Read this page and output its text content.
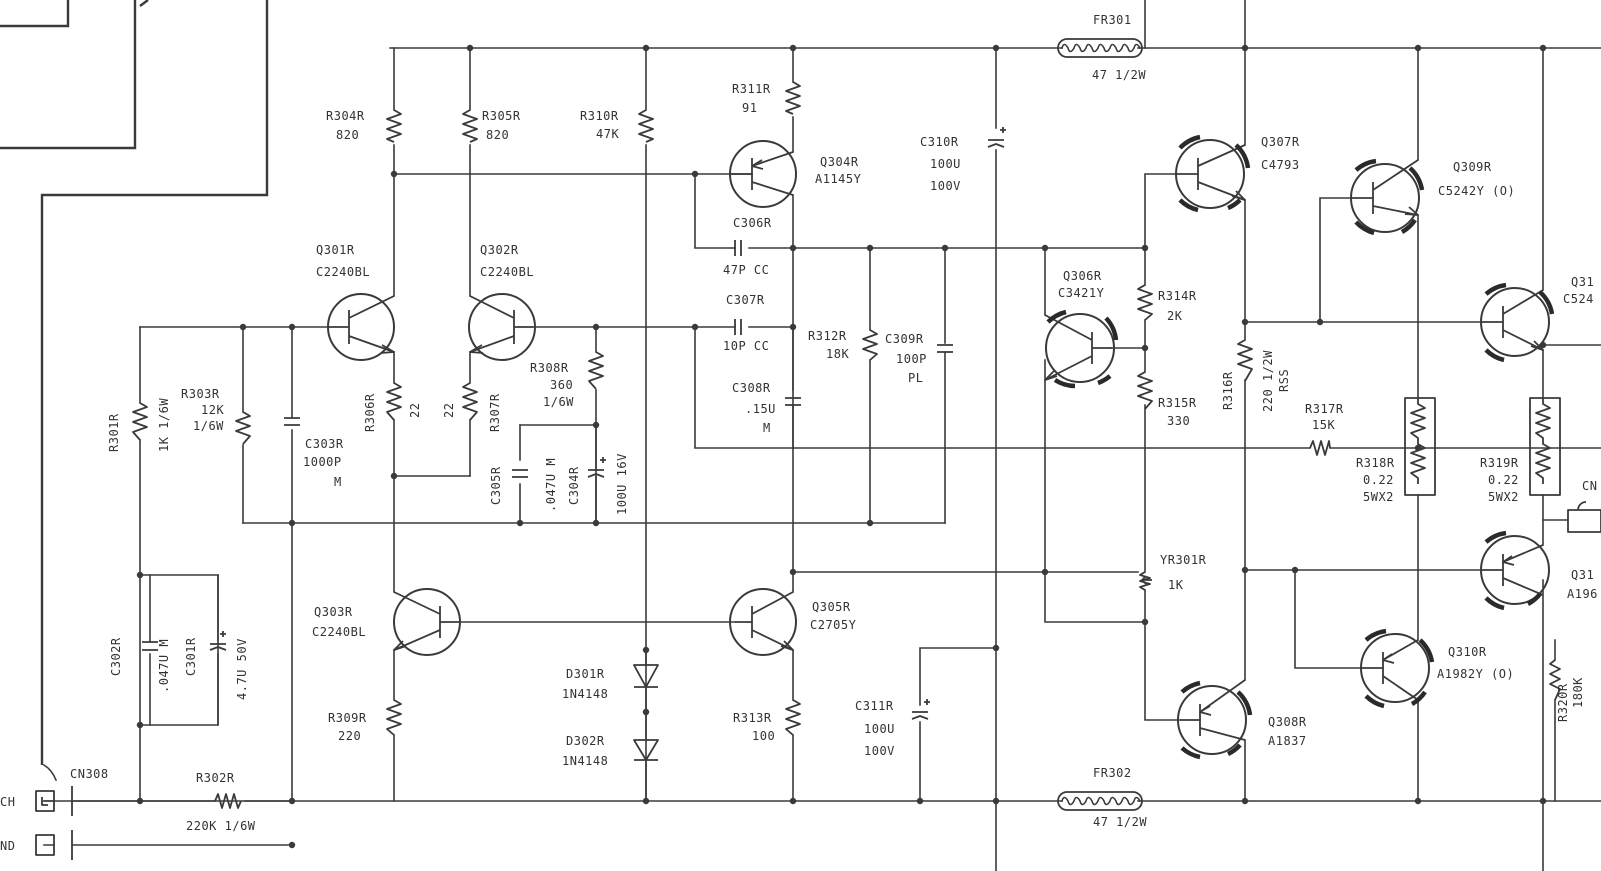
FR301
47 1/2W
FR302
47 1/2W
R304R
820
R305R
820
R310R
47K
R311R
91
Q304R
A1145Y
C310R
100U
100V
Q307R
C4793	Q309R
C5242Y (O)
Q301R
C2240BL
Q302R
C2240BL
C306R
47P CC
C307R
10P CC
Q306R
C3421Y	R314R
2K
Q31
C524
R308R
360
1/6W
R312R
18K
C309R
100P
PL	R316R 220 1/2W RSS
R301R	1K 1/6W
R303R
12K
1/6W	R306R	22 22	R307R
C308R
.15U
M
R315R
330
R317R
15K
C303R
1000P
M	C305R	.047U M C304R	100U 16V	R318R
0.22
5WX2
R319R
0.22
5WX2
CN
Q303R
C2240BL
Q305R
C2705Y
YR301R
1K
Q31
A196
C302R	.047U M C301R	4.7U 50V	D301R
1N4148
D302R
1N4148
Q310R
A1982Y (O)
R309R
220
R313R
100
C311R
100U
100V
Q308R
A1837
R320R 180K
CN308	R302R
220K 1/6W
CH
ND
